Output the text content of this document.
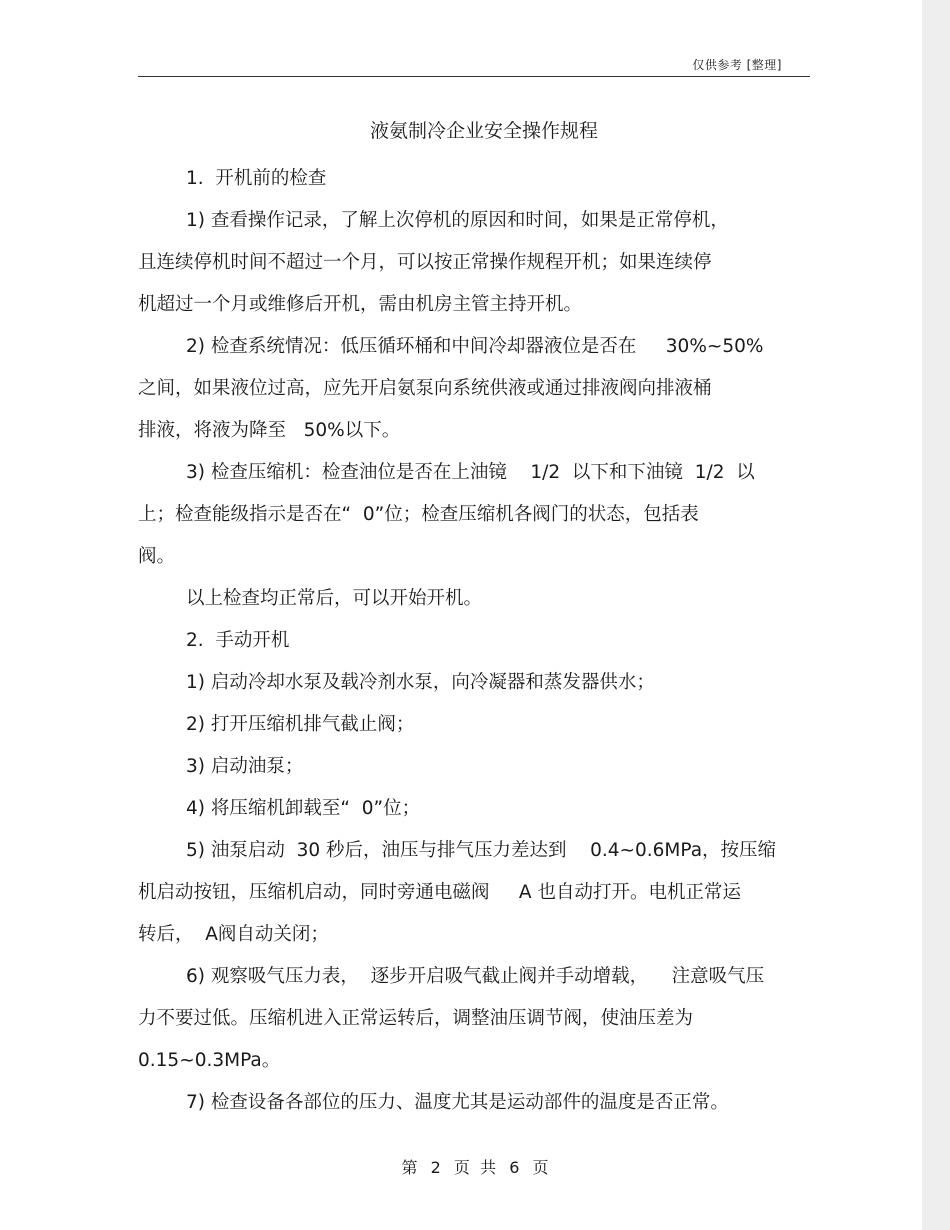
仅供参考 [整理]
液氨制冷企业安全操作规程
1.  开机前的检查
1) 查看操作记录，了解上次停机的原因和时间，如果是正常停机，
且连续停机时间不超过一个月，可以按正常操作规程开机；如果连续停
机超过一个月或维修后开机，需由机房主管主持开机。
2) 检查系统情况：低压循环桶和中间冷却器液位是否在     30%~50%
之间，如果液位过高，应先开启氨泵向系统供液或通过排液阀向排液桶
排液，将液为降至   50%以下。
3) 检查压缩机：检查油位是否在上油镜    1/2  以下和下油镜  1/2  以
上；检查能级指示是否在“  0”位；检查压缩机各阀门的状态，包括表
阀。
以上检查均正常后，可以开始开机。
2.  手动开机
1) 启动冷却水泵及载冷剂水泵，向冷凝器和蒸发器供水；
2) 打开压缩机排气截止阀；
3) 启动油泵；
4) 将压缩机卸载至“  0”位；
5) 油泵启动  30 秒后，油压与排气压力差达到    0.4~0.6MPa，按压缩
机启动按钮，压缩机启动，同时旁通电磁阀     A 也自动打开。电机正常运
转后，  A阀自动关闭；
6) 观察吸气压力表，  逐步开启吸气截止阀并手动增载，    注意吸气压
力不要过低。压缩机进入正常运转后，调整油压调节阀，使油压差为
0.15~0.3MPa。
7) 检查设备各部位的压力、温度尤其是运动部件的温度是否正常。
第 2 页  共 6 页
